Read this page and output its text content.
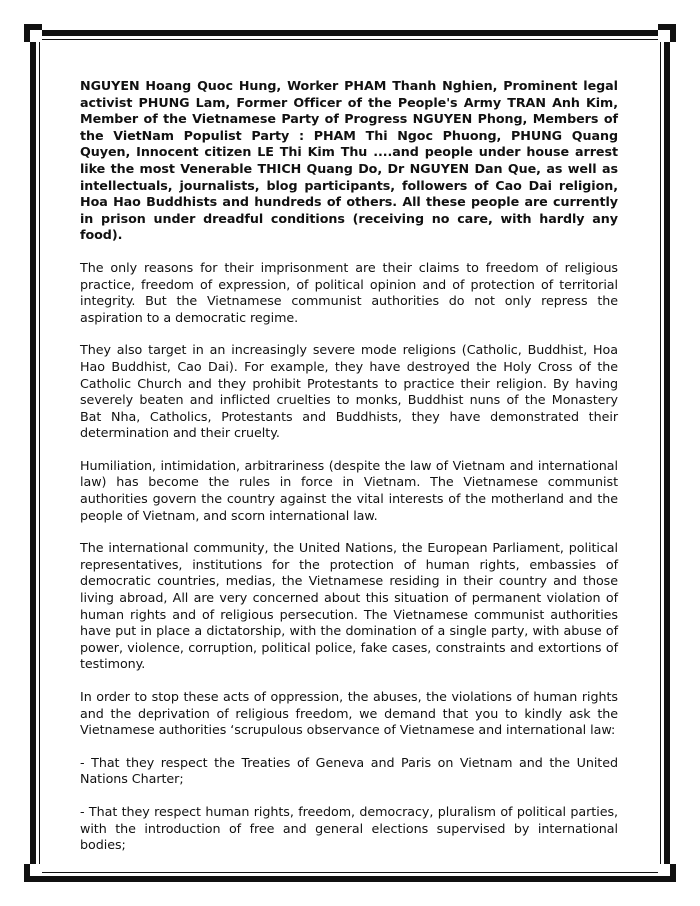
NGUYEN Hoang Quoc Hung, Worker PHAM Thanh Nghien, Prominent legal activist PHUNG Lam, Former Officer of the People's Army TRAN Anh Kim, Member of the Vietnamese Party of Progress NGUYEN Phong, Members of the VietNam Populist Party : PHAM Thi Ngoc Phuong, PHUNG Quang Quyen, Innocent citizen LE Thi Kim Thu ....and people under house arrest like the most Venerable THICH Quang Do, Dr NGUYEN Dan Que, as well as intellectuals, journalists, blog participants, followers of Cao Dai religion, Hoa Hao Buddhists and hundreds of others. All these people are currently in prison under dreadful conditions (receiving no care, with hardly any food).

The only reasons for their imprisonment are their claims to freedom of religious practice, freedom of expression, of political opinion and of protection of territorial integrity. But the Vietnamese communist authorities do not only repress the aspiration to a democratic regime.

They also target in an increasingly severe mode religions (Catholic, Buddhist, Hoa Hao Buddhist, Cao Dai). For example, they have destroyed the Holy Cross of the Catholic Church and they prohibit Protestants to practice their religion. By having severely beaten and inflicted cruelties to monks, Buddhist nuns of the Monastery Bat Nha, Catholics, Protestants and Buddhists, they have demonstrated their determination and their cruelty.

Humiliation, intimidation, arbitrariness (despite the law of Vietnam and international law) has become the rules in force in Vietnam. The Vietnamese communist authorities govern the country against the vital interests of the motherland and the people of Vietnam, and scorn international law.

The international community, the United Nations, the European Parliament, political representatives, institutions for the protection of human rights, embassies of democratic countries, medias, the Vietnamese residing in their country and those living abroad, All are very concerned about this situation of permanent violation of human rights and of religious persecution. The Vietnamese communist authorities have put in place a dictatorship, with the domination of a single party, with abuse of power, violence, corruption, political police, fake cases, constraints and extortions of testimony.

In order to stop these acts of oppression, the abuses, the violations of human rights and the deprivation of religious freedom, we demand that you to kindly ask the Vietnamese authorities ‘scrupulous observance of Vietnamese and international law:

- That they respect the Treaties of Geneva and Paris on Vietnam and the United Nations Charter;

- That they respect human rights, freedom, democracy, pluralism of political parties, with the introduction of free and general elections supervised by international bodies;
